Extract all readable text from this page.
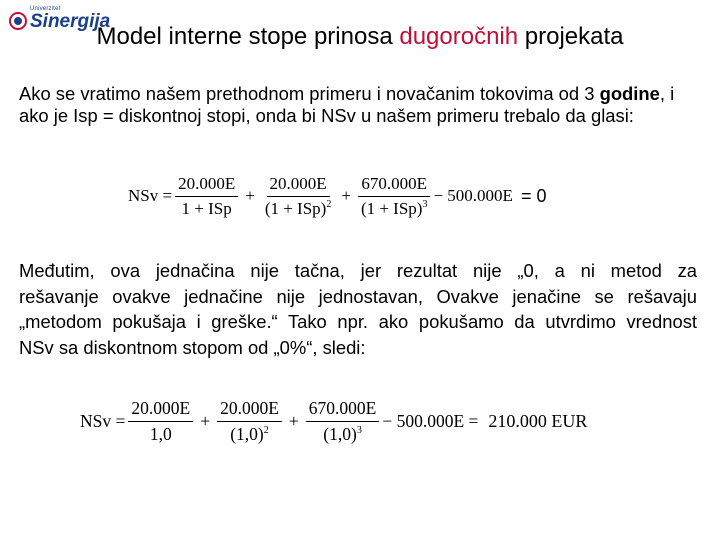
Univerzitet
Sinergija
Model interne stope prinosa dugoročnih projekata
Ako se vratimo našem prethodnom primeru i novačanim tokovima od 3 godine, i ako je Isp = diskontnoj stopi, onda bi NSv u našem primeru trebalo da glasi:
NSv = $\frac{20.000E}{\text{1 + ISp}} + \frac{20.000E}{(1 + ISp)^2} + \frac{670.000E}{(1 + ISp)^3} - 500.000E = 0$
Međutim, ova jednačina nije tačna, jer rezultat nije „0, a ni metod za
rešavanje ovakve jednačine nije jednostavan, Ovakve jenačine se rešavaju
„metodom pokušaja i greške.“ Tako npr. ako pokušamo da utvrdimo vrednost
NSv sa diskontnom stopom od „0%“, sledi:
NSv = $\frac{20.000E}{1,0} + \frac{20.000E}{(1,0)^2} + \frac{670.000E}{(1,0)^3} - 500.000E = 210.000$ EUR
